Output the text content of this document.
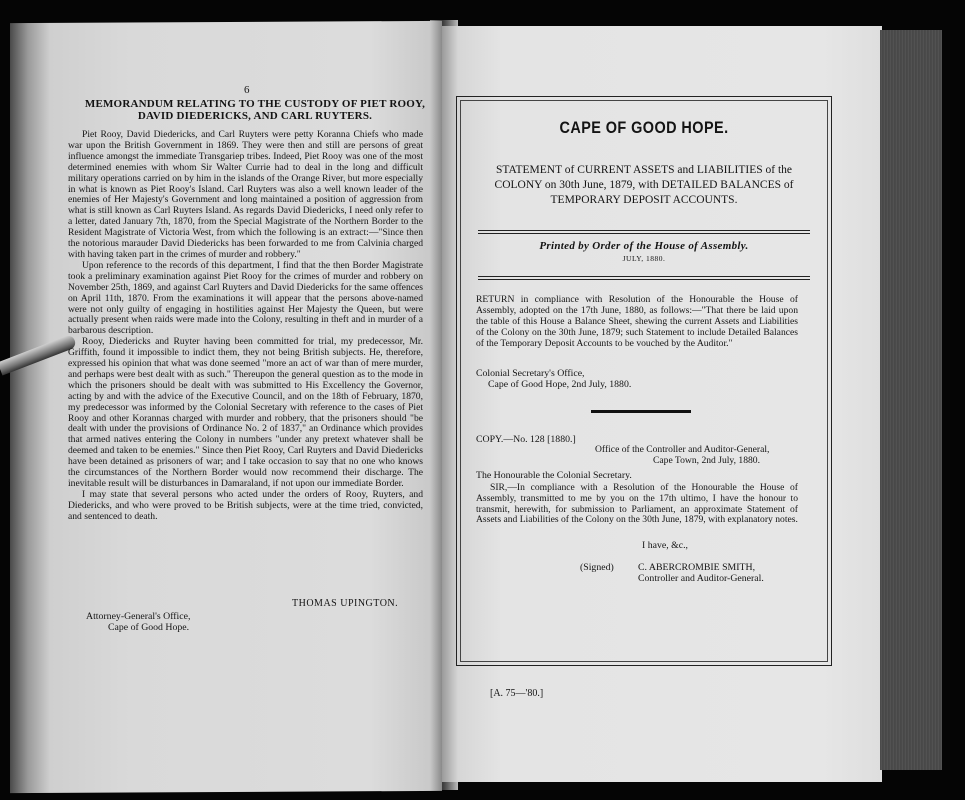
6
MEMORANDUM RELATING TO THE CUSTODY OF PIET ROOY, DAVID DIEDERICKS, AND CARL RUYTERS.

Piet Rooy, David Diedericks, and Carl Ruyters were petty Koranna Chiefs who made war upon the British Government in 1869. They were then and still are persons of great influence amongst the immediate Transgariep tribes. Indeed, Piet Rooy was one of the most determined enemies with whom Sir Walter Currie had to deal in the long and difficult military operations carried on by him in the islands of the Orange River, but more especially in what is known as Piet Rooy's Island. Carl Ruyters was also a well known leader of the enemies of Her Majesty's Government and long maintained a position of aggression from what is still known as Carl Ruyters Island. As regards David Diedericks, I need only refer to a letter, dated January 7th, 1870, from the Special Magistrate of the Northern Border to the Resident Magistrate of Victoria West, from which the following is an extract:—"Since then the notorious marauder David Diedericks has been forwarded to me from Calvinia charged with having taken part in the crimes of murder and robbery."

Upon reference to the records of this department, I find that the then Border Magistrate took a preliminary examination against Piet Rooy for the crimes of murder and robbery on November 25th, 1869, and against Carl Ruyters and David Diedericks for the same offences on April 11th, 1870. From the examinations it will appear that the persons above-named were not only guilty of engaging in hostilities against Her Majesty the Queen, but were actually present when raids were made into the Colony, resulting in theft and in murder of a barbarous description.

Rooy, Diedericks and Ruyter having been committed for trial, my predecessor, Mr. Griffith, found it impossible to indict them, they not being British subjects. He, therefore, expressed his opinion that what was done seemed "more an act of war than of mere murder, and perhaps were best dealt with as such." Thereupon the general question as to the mode in which the prisoners should be dealt with was submitted to His Excellency the Governor, acting by and with the advice of the Executive Council, and on the 18th of February, 1870, my predecessor was informed by the Colonial Secretary with reference to the cases of Piet Rooy and other Korannas charged with murder and robbery, that the prisoners should "be dealt with under the provisions of Ordinance No. 2 of 1837," an Ordinance which provides that armed natives entering the Colony in numbers "under any pretext whatever shall be deemed and taken to be enemies." Since then Piet Rooy, Carl Ruyters and David Diedericks have been detained as prisoners of war; and I take occasion to say that no one who knows the circumstances of the Northern Border would now recommend their discharge. The inevitable result will be disturbances in Damaraland, if not upon our immediate Border.

I may state that several persons who acted under the orders of Rooy, Ruyters, and Diedericks, and who were proved to be British subjects, were at the time tried, convicted, and sentenced to death.

THOMAS UPINGTON.
Attorney-General's Office,
Cape of Good Hope.
CAPE OF GOOD HOPE.
STATEMENT of CURRENT ASSETS and LIABILITIES of the COLONY on 30th June, 1879, with DETAILED BALANCES of TEMPORARY DEPOSIT ACCOUNTS.
Printed by Order of the House of Assembly.
JULY, 1880.
RETURN in compliance with Resolution of the Honourable the House of Assembly, adopted on the 17th June, 1880, as follows:—"That there be laid upon the table of this House a Balance Sheet, shewing the current Assets and Liabilities of the Colony on the 30th June, 1879; such Statement to include Detailed Balances of the Temporary Deposit Accounts to be vouched by the Auditor."
Colonial Secretary's Office,
Cape of Good Hope, 2nd July, 1880.
COPY.—No. 128 [1880.]
Office of the Controller and Auditor-General,
Cape Town, 2nd July, 1880.
The Honourable the Colonial Secretary.
SIR,—In compliance with a Resolution of the Honourable the House of Assembly, transmitted to me by you on the 17th ultimo, I have the honour to transmit, herewith, for submission to Parliament, an approximate Statement of Assets and Liabilities of the Colony on the 30th June, 1879, with explanatory notes.
I have, &c.,
(Signed) C. ABERCROMBIE SMITH,
Controller and Auditor-General.
[A. 75—'80.]
